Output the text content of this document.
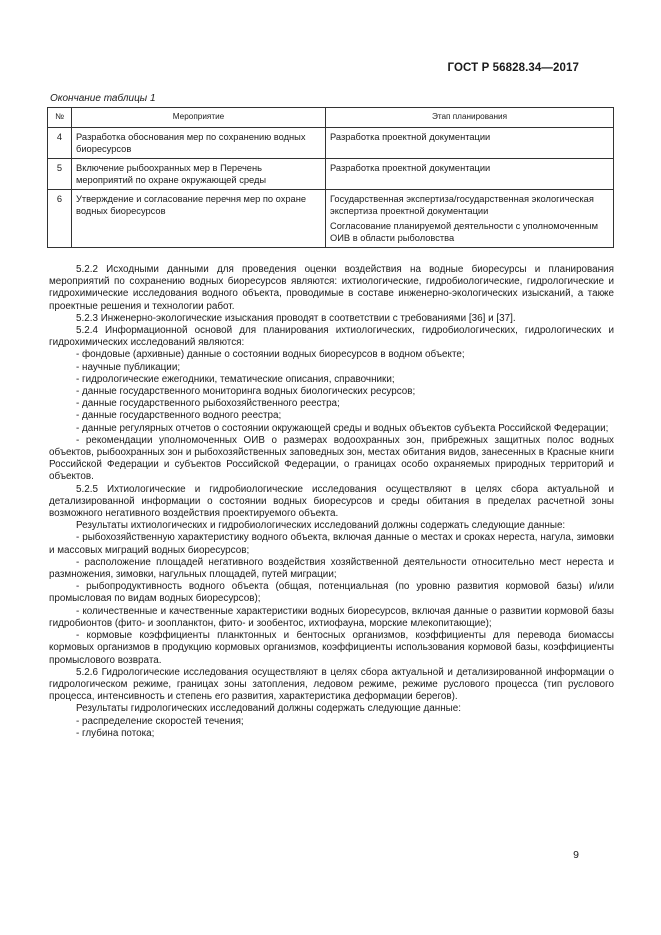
ГОСТ Р 56828.34—2017
Окончание таблицы 1
№	Мероприятие	Этап планирования
4	Разработка обоснования мер по сохранению водных биоресурсов	Разработка проектной документации

5	Включение рыбоохранных мер в Перечень мероприятий по охране окружающей среды	Разработка проектной документации

6	Утверждение и согласование перечня мер по охране водных биоресурсов	Государственная экспертиза/государственная экологическая экспертиза проектной документации
Согласование планируемой деятельности с уполномоченным ОИВ в области рыболовства

5.2.2 Исходными данными для проведения оценки воздействия на водные биоресурсы и планирования мероприятий по сохранению водных биоресурсов являются: ихтиологические, гидробиологические, гидрологические и гидрохимические исследования водного объекта, проводимые в составе инженерно-экологических изысканий, а также проектные решения и технологии работ.

5.2.3 Инженерно-экологические изыскания проводят в соответствии с требованиями [36] и [37].

5.2.4 Информационной основой для планирования ихтиологических, гидробиологических, гидрологических и гидрохимических исследований являются:

- фондовые (архивные) данные о состоянии водных биоресурсов в водном объекте;

- научные публикации;

- гидрологические ежегодники, тематические описания, справочники;

- данные государственного мониторинга водных биологических ресурсов;

- данные государственного рыбохозяйственного реестра;

- данные государственного водного реестра;

- данные регулярных отчетов о состоянии окружающей среды и водных объектов субъекта Российской Федерации;

- рекомендации уполномоченных ОИВ о размерах водоохранных зон, прибрежных защитных полос водных объектов, рыбоохранных зон и рыбохозяйственных заповедных зон, местах обитания видов, занесенных в Красные книги Российской Федерации и субъектов Российской Федерации, о границах особо охраняемых природных территорий и объектов.

5.2.5 Ихтиологические и гидробиологические исследования осуществляют в целях сбора актуальной и детализированной информации о состоянии водных биоресурсов и среды обитания в пределах расчетной зоны возможного негативного воздействия проектируемого объекта.

Результаты ихтиологических и гидробиологических исследований должны содержать следующие данные:

- рыбохозяйственную характеристику водного объекта, включая данные о местах и сроках нереста, нагула, зимовки и массовых миграций водных биоресурсов;

- расположение площадей негативного воздействия хозяйственной деятельности относительно мест нереста и размножения, зимовки, нагульных площадей, путей миграции;

- рыбопродуктивность водного объекта (общая, потенциальная (по уровню развития кормовой базы) и/или промысловая по видам водных биоресурсов);

- количественные и качественные характеристики водных биоресурсов, включая данные о развитии кормовой базы гидробионтов (фито- и зоопланктон, фито- и зообентос, ихтиофауна, морские млекопитающие);

- кормовые коэффициенты планктонных и бентосных организмов, коэффициенты для перевода биомассы кормовых организмов в продукцию кормовых организмов, коэффициенты использования кормовой базы, коэффициенты промыслового возврата.

5.2.6 Гидрологические исследования осуществляют в целях сбора актуальной и детализированной информации о гидрологическом режиме, границах зоны затопления, ледовом режиме, режиме руслового процесса (тип руслового процесса, интенсивность и степень его развития, характеристика деформации берегов).

Результаты гидрологических исследований должны содержать следующие данные:

- распределение скоростей течения;

- глубина потока;

9
